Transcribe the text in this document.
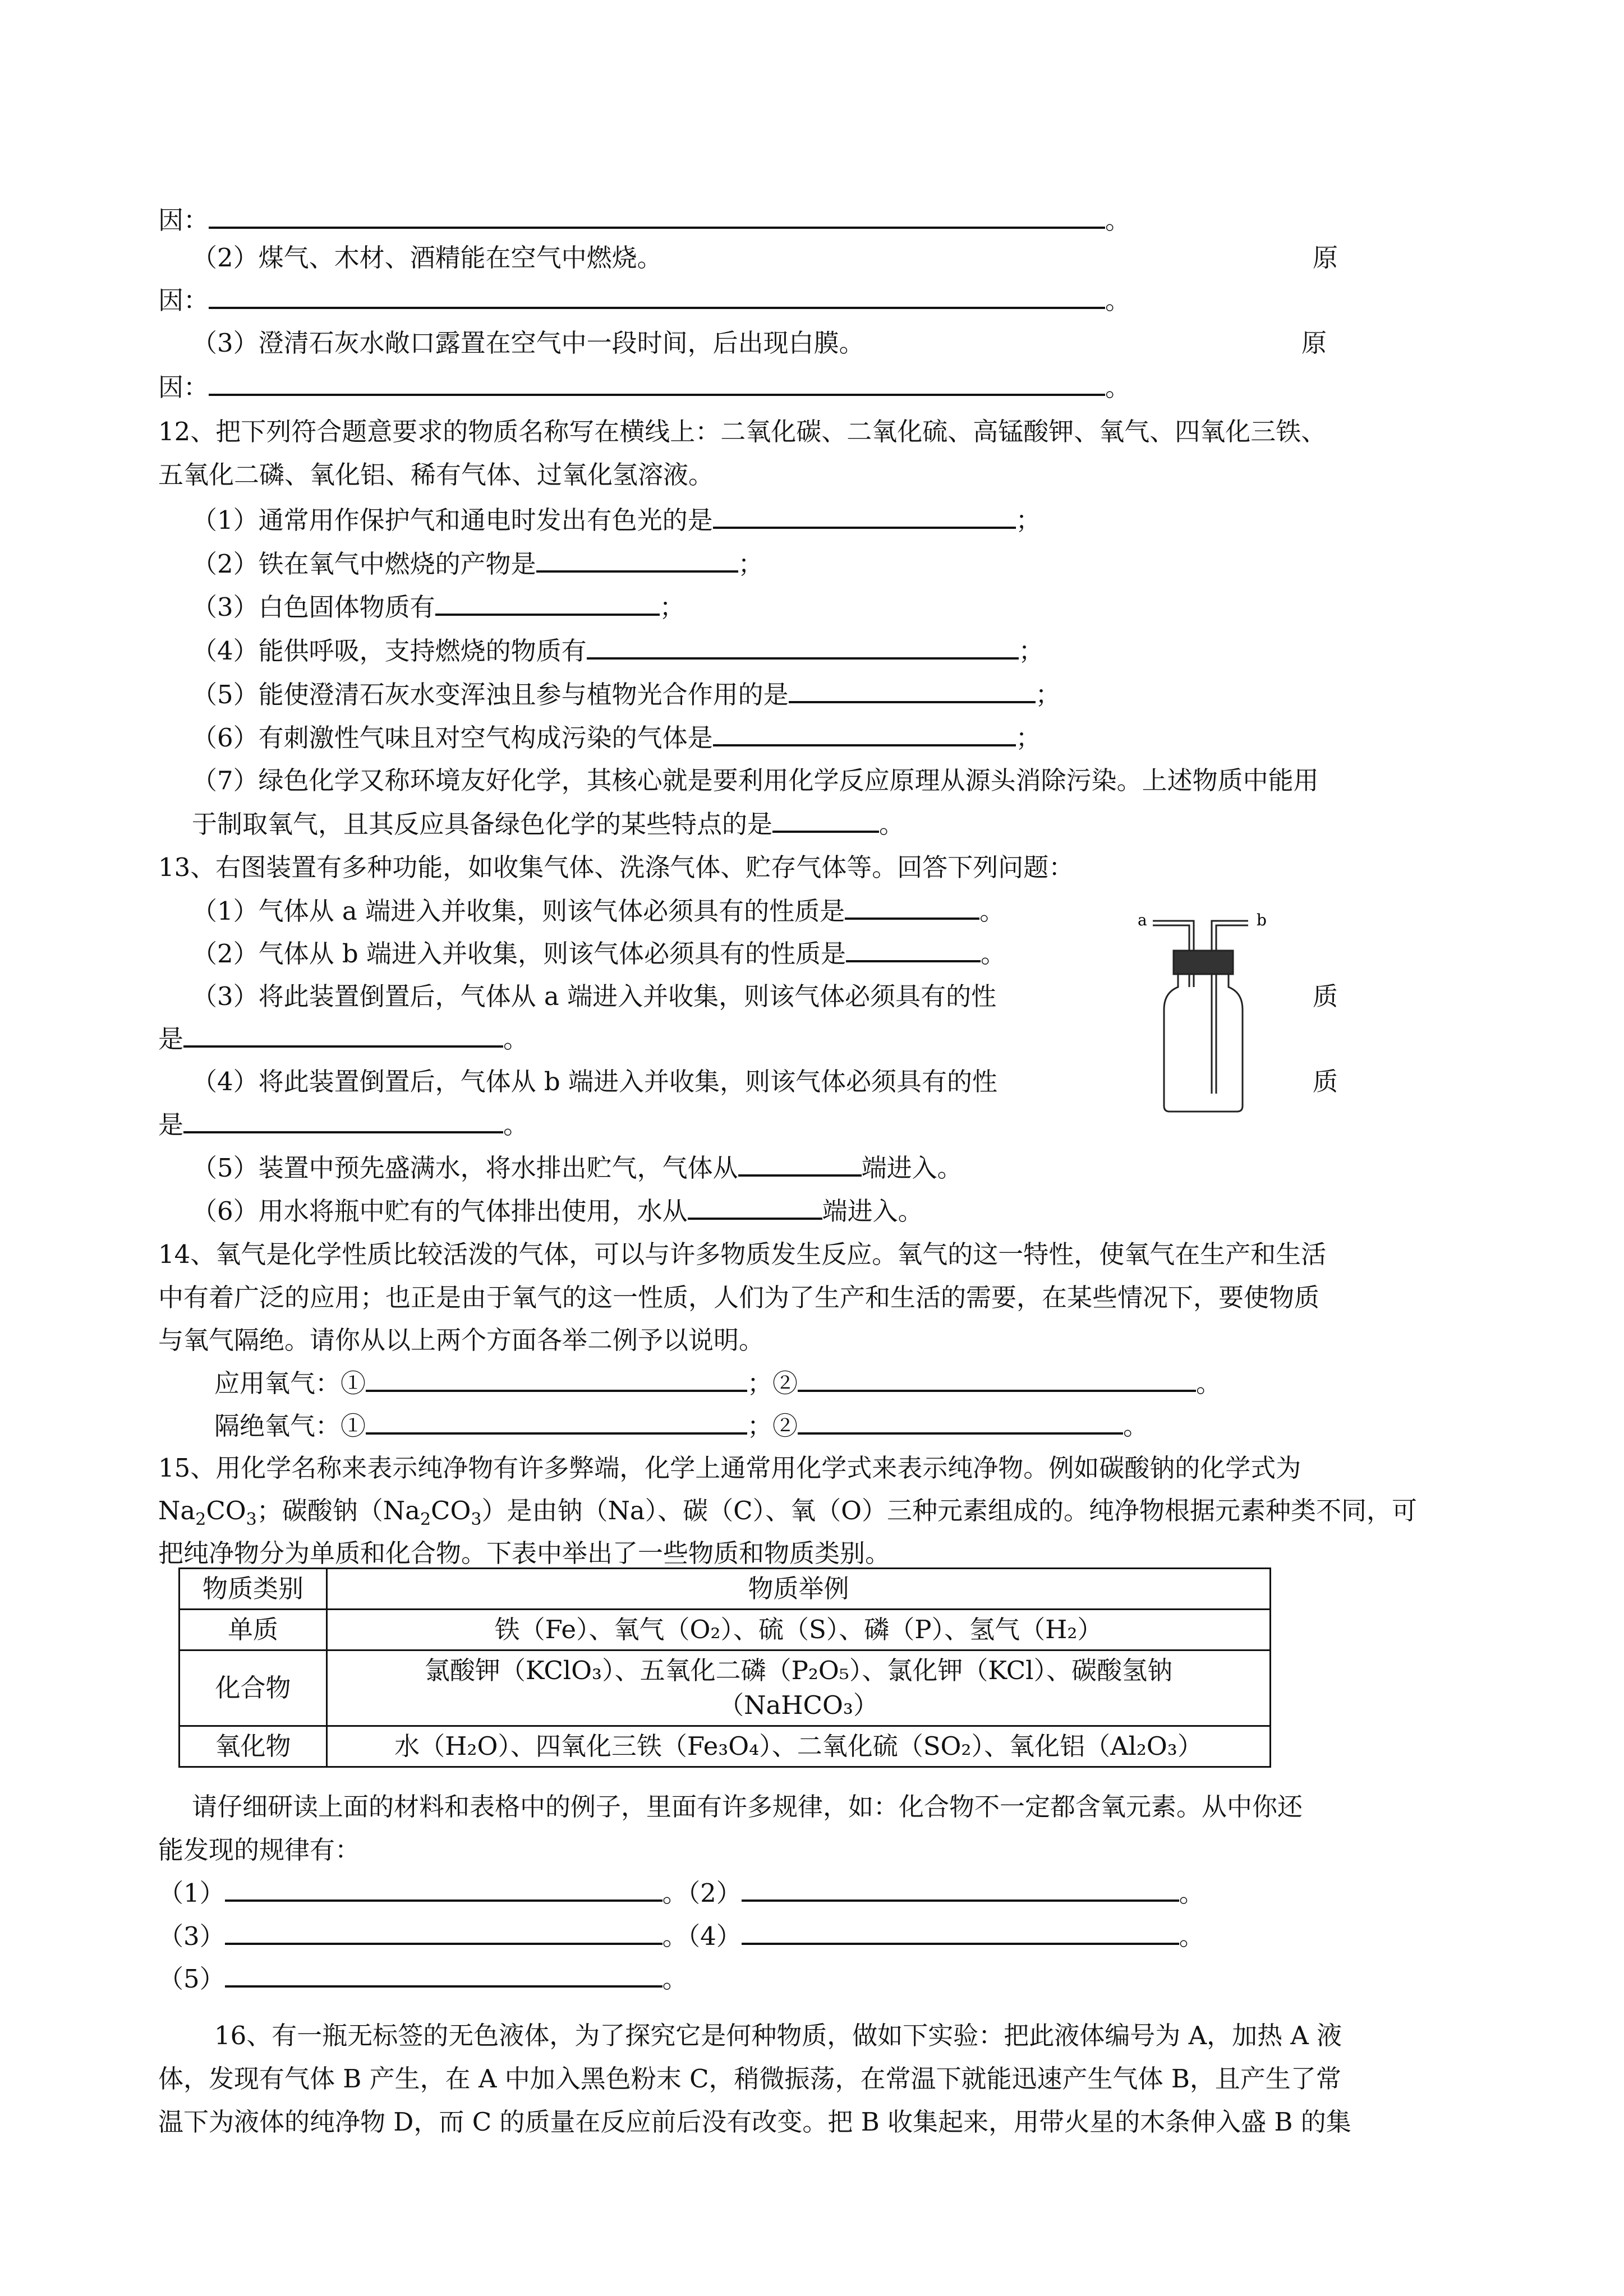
因：	。
（2）煤气、木材、酒精能在空气中燃烧。	原
因：	。
（3）澄清石灰水敞口露置在空气中一段时间，后出现白膜。	原
因：	。
12、把下列符合题意要求的物质名称写在横线上：二氧化碳、二氧化硫、高锰酸钾、氧气、四氧化三铁、
五氧化二磷、氧化铝、稀有气体、过氧化氢溶液。
（1）通常用作保护气和通电时发出有色光的是	；
（2）铁在氧气中燃烧的产物是	；
（3）白色固体物质有	；
（4）能供呼吸，支持燃烧的物质有	；
（5）能使澄清石灰水变浑浊且参与植物光合作用的是	；
（6）有刺激性气味且对空气构成污染的气体是	；
（7）绿色化学又称环境友好化学，其核心就是要利用化学反应原理从源头消除污染。上述物质中能用
于制取氧气，且其反应具备绿色化学的某些特点的是	。
13、右图装置有多种功能，如收集气体、洗涤气体、贮存气体等。回答下列问题：
（1）气体从 a 端进入并收集，则该气体必须具有的性质是	。
（2）气体从 b 端进入并收集，则该气体必须具有的性质是	。
（3）将此装置倒置后，气体从 a 端进入并收集，则该气体必须具有的性	质
是	。
（4）将此装置倒置后，气体从 b 端进入并收集，则该气体必须具有的性	质
是	。
（5）装置中预先盛满水，将水排出贮气，气体从	端进入。
（6）用水将瓶中贮有的气体排出使用，水从	端进入。
a	b
14、氧气是化学性质比较活泼的气体，可以与许多物质发生反应。氧气的这一特性，使氧气在生产和生活
中有着广泛的应用；也正是由于氧气的这一性质，人们为了生产和生活的需要，在某些情况下，要使物质
与氧气隔绝。请你从以上两个方面各举二例予以说明。
应用氧气：①	；②	。
隔绝氧气：①	；②	。
15、用化学名称来表示纯净物有许多弊端，化学上通常用化学式来表示纯净物。例如碳酸钠的化学式为
$Na_2CO_3$；碳酸钠$(Na_2CO_3)$是由钠（Na）、碳（C）、氧（O）三种元素组成的。纯净物根据元素种类不同，可
把纯净物分为单质和化合物。下表中举出了一些物质和物质类别。
物质类别	物质举例
单质	铁（Fe）、氧气（O₂）、硫（S）、磷（P）、氢气（H₂）
化合物	氯酸钾（KClO₃）、五氧化二磷（P₂O₅）、氯化钾（KCl）、碳酸氢钠
（NaHCO₃）

氧化物	水（H₂O）、四氧化三铁（Fe₃O₄）、二氧化硫（SO₂）、氧化铝（Al₂O₃）
请仔细研读上面的材料和表格中的例子，里面有许多规律，如：化合物不一定都含氧元素。从中你还
能发现的规律有：
（1）	。（2）	。
（3）	。（4）	。
（5）	。
16、有一瓶无标签的无色液体，为了探究它是何种物质，做如下实验：把此液体编号为 A，加热 A 液
体，发现有气体 B 产生，在 A 中加入黑色粉末 C，稍微振荡，在常温下就能迅速产生气体 B，且产生了常
温下为液体的纯净物 D，而 C 的质量在反应前后没有改变。把 B 收集起来，用带火星的木条伸入盛 B 的集
